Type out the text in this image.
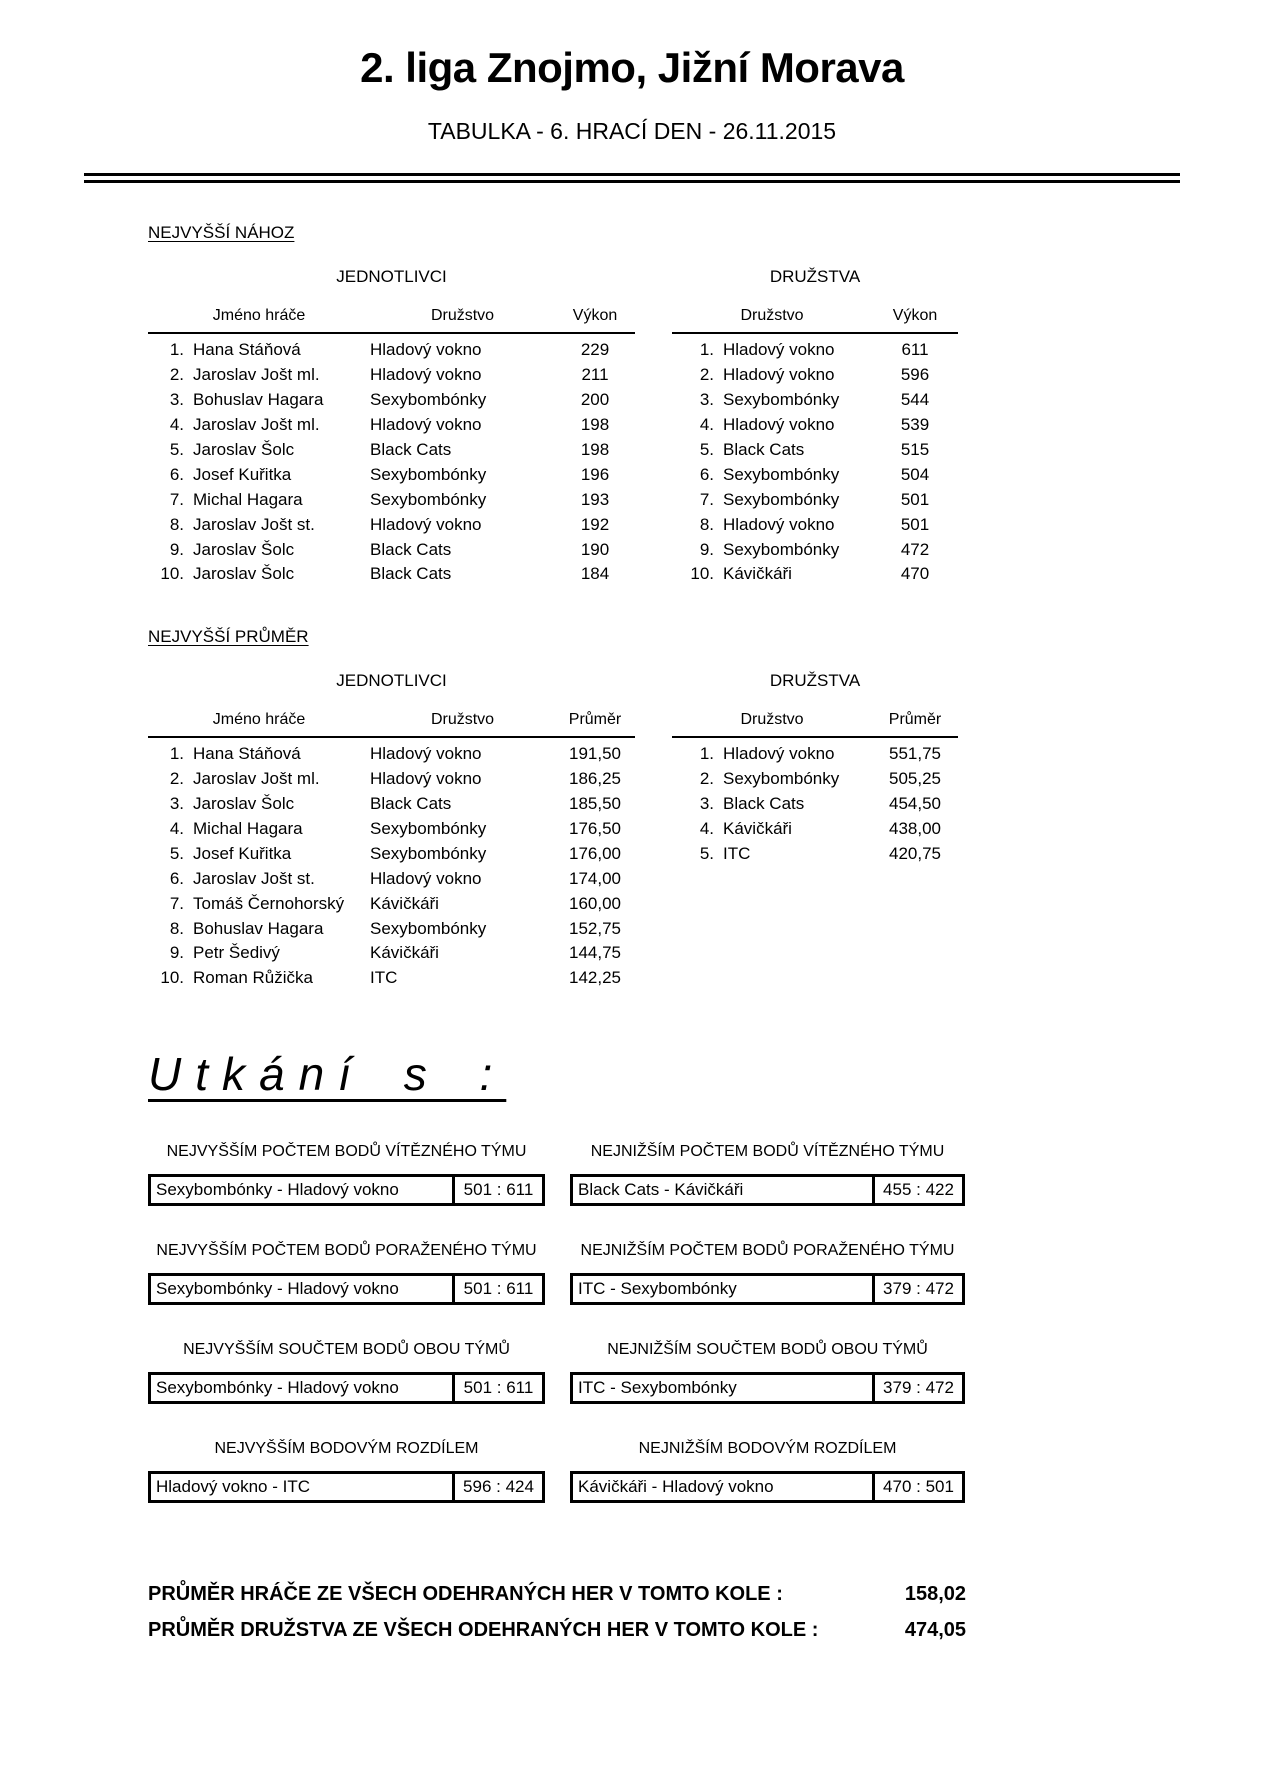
2. liga Znojmo, Jižní Morava
TABULKA - 6. HRACÍ DEN - 26.11.2015
NEJVYŠŠÍ NÁHOZ
JEDNOTLIVCI
Jméno hráče	Družstvo	Výkon
1. Hana Stáňová	Hladový vokno	229
2. Jaroslav Jošt ml.	Hladový vokno	211
3. Bohuslav Hagara	Sexybombónky	200
4. Jaroslav Jošt ml.	Hladový vokno	198
5. Jaroslav Šolc	Black Cats	198
6. Josef Kuřitka	Sexybombónky	196
7. Michal Hagara	Sexybombónky	193
8. Jaroslav Jošt st.	Hladový vokno	192
9. Jaroslav Šolc	Black Cats	190
10. Jaroslav Šolc	Black Cats	184
DRUŽSTVA
Družstvo	Výkon
1. Hladový vokno	611
2. Hladový vokno	596
3. Sexybombónky	544
4. Hladový vokno	539
5. Black Cats	515
6. Sexybombónky	504
7. Sexybombónky	501
8. Hladový vokno	501
9. Sexybombónky	472
10. Kávičkáři	470
NEJVYŠŠÍ PRŮMĚR
JEDNOTLIVCI
Jméno hráče	Družstvo	Průměr
1. Hana Stáňová	Hladový vokno	191,50
2. Jaroslav Jošt ml.	Hladový vokno	186,25
3. Jaroslav Šolc	Black Cats	185,50
4. Michal Hagara	Sexybombónky	176,50
5. Josef Kuřitka	Sexybombónky	176,00
6. Jaroslav Jošt st.	Hladový vokno	174,00
7. Tomáš Černohorský	Kávičkáři	160,00
8. Bohuslav Hagara	Sexybombónky	152,75
9. Petr Šedivý	Kávičkáři	144,75
10. Roman Růžička	ITC	142,25
DRUŽSTVA
Družstvo	Průměr
1. Hladový vokno	551,75
2. Sexybombónky	505,25
3. Black Cats	454,50
4. Kávičkáři	438,00
5. ITC	420,75
Utkání s :
NEJVYŠŠÍM POČTEM BODŮ VÍTĚZNÉHO TÝMU
Sexybombónky - Hladový vokno	501 : 611
NEJNIŽŠÍM POČTEM BODŮ VÍTĚZNÉHO TÝMU
Black Cats - Kávičkáři	455 : 422
NEJVYŠŠÍM POČTEM BODŮ PORAŽENÉHO TÝMU
Sexybombónky - Hladový vokno	501 : 611
NEJNIŽŠÍM POČTEM BODŮ PORAŽENÉHO TÝMU
ITC - Sexybombónky	379 : 472
NEJVYŠŠÍM SOUČTEM BODŮ OBOU TÝMŮ
Sexybombónky - Hladový vokno	501 : 611
NEJNIŽŠÍM SOUČTEM BODŮ OBOU TÝMŮ
ITC - Sexybombónky	379 : 472
NEJVYŠŠÍM BODOVÝM ROZDÍLEM
Hladový vokno - ITC	596 : 424
NEJNIŽŠÍM BODOVÝM ROZDÍLEM
Kávičkáři - Hladový vokno	470 : 501
PRŮMĚR HRÁČE ZE VŠECH ODEHRANÝCH HER V TOMTO KOLE :	158,02
PRŮMĚR DRUŽSTVA ZE VŠECH ODEHRANÝCH HER V TOMTO KOLE :	474,05
